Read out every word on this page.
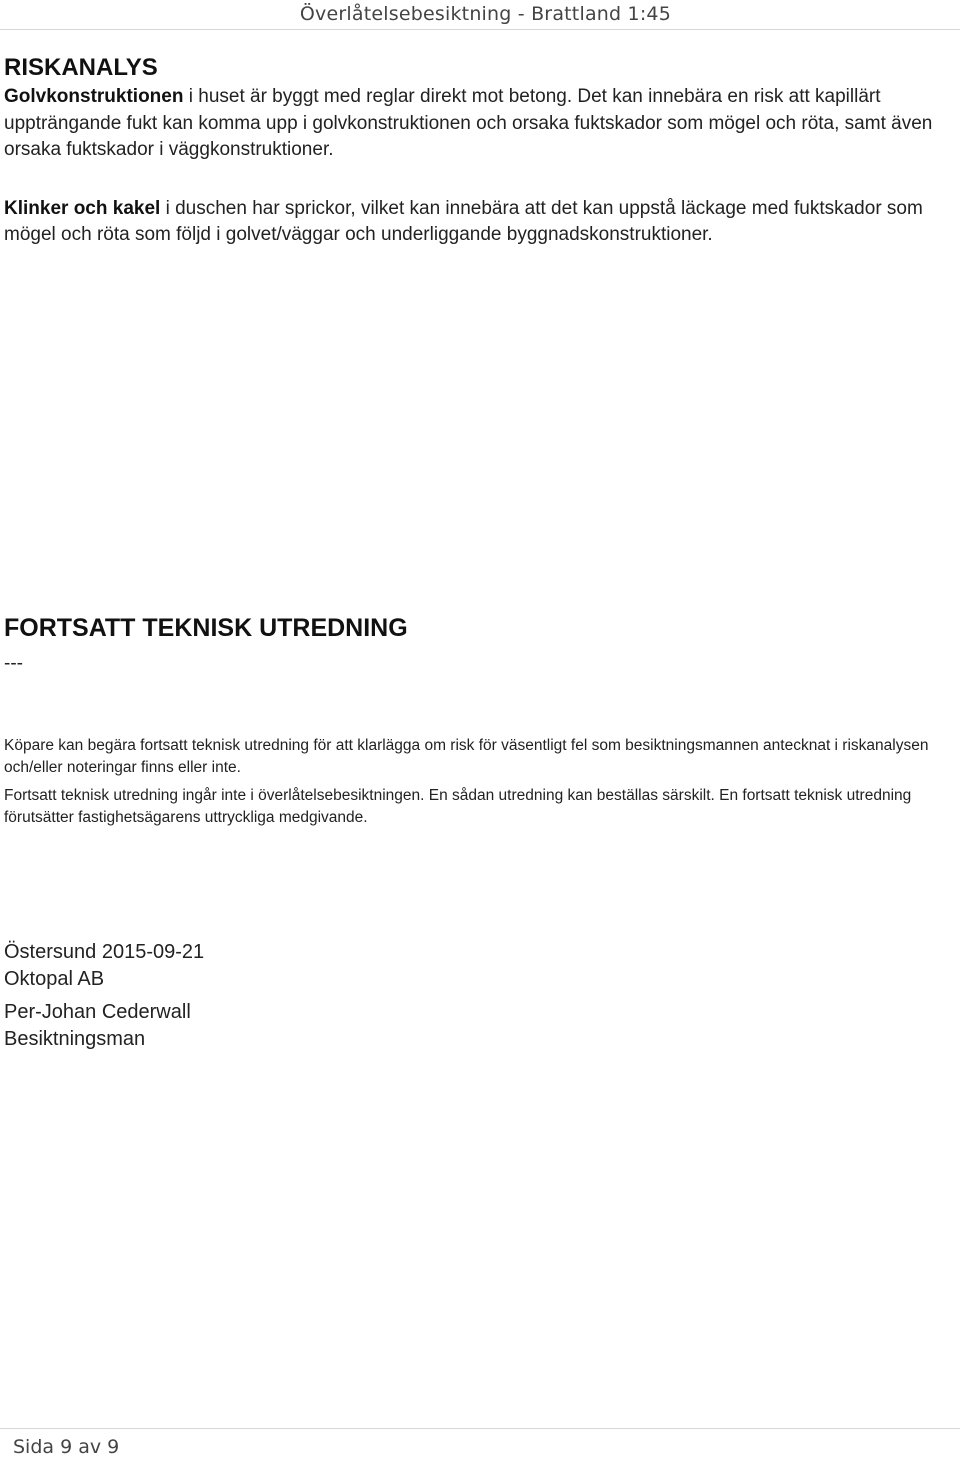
Överlåtelsebesiktning - Brattland 1:45
RISKANALYS

Golvkonstruktionen i huset är byggt med reglar direkt mot betong. Det kan innebära en risk att kapillärt uppträngande fukt kan komma upp i golvkonstruktionen och orsaka fuktskador som mögel och röta, samt även orsaka fuktskador i väggkonstruktioner.

Klinker och kakel i duschen har sprickor, vilket kan innebära att det kan uppstå läckage med fuktskador som mögel och röta som följd i golvet/väggar och underliggande byggnadskonstruktioner.

FORTSATT TEKNISK UTREDNING
---

Köpare kan begära fortsatt teknisk utredning för att klarlägga om risk för väsentligt fel som besiktningsmannen antecknat i riskanalysen och/eller noteringar finns eller inte.

Fortsatt teknisk utredning ingår inte i överlåtelsebesiktningen. En sådan utredning kan beställas särskilt. En fortsatt teknisk utredning förutsätter fastighetsägarens uttryckliga medgivande.

Östersund 2015-09-21
Oktopal AB
Per-Johan Cederwall
Besiktningsman
Sida 9 av 9
